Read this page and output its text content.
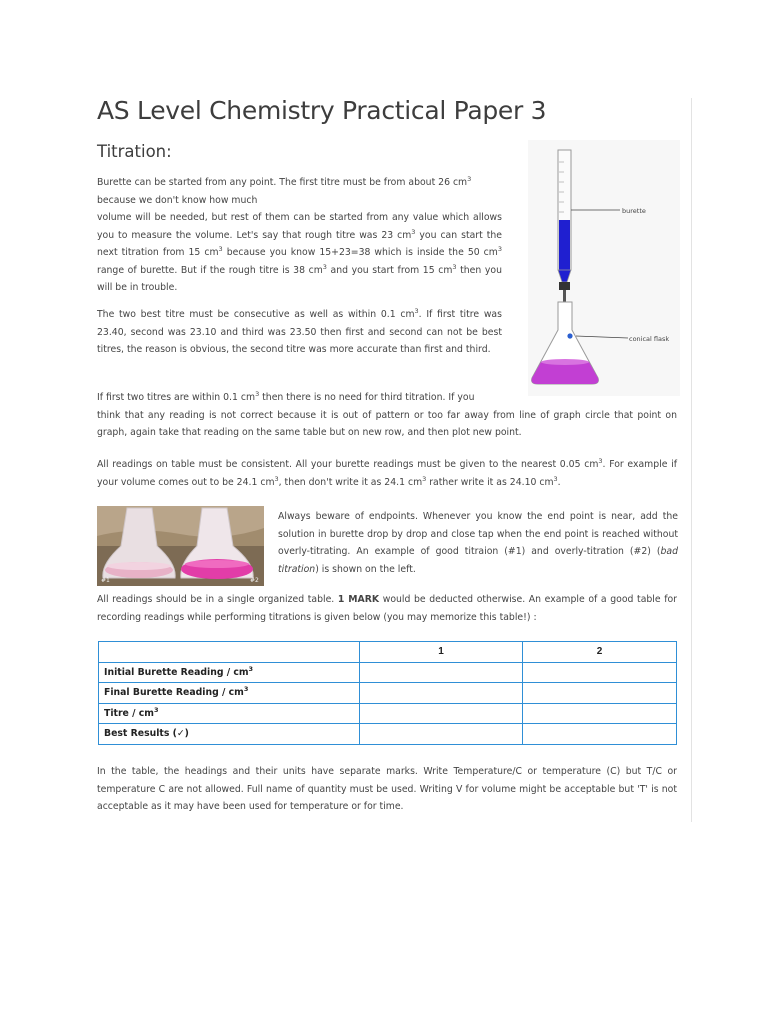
AS Level Chemistry Practical Paper 3
Titration:

Burette can be started from any point. The first titre must be from about 26 $cm^3$
because we don't know how much
volume will be needed, but rest of them can be started from any value which allows you to measure the volume. Let's say that rough titre was 23 $cm^3$ you can start the next titration from 15 $cm^3$ because you know 15+23=38 which is inside the 50 $cm^3$ range of burette. But if the rough titre is 38 $cm^3$ and you start from 15 $cm^3$ then you will be in trouble.

burette
conical flask

The two best titre must be consecutive as well as within 0.1 $cm^3$. If first titre was 23.40, second was 23.10 and third was 23.50 then first and second can not be best titres, the reason is obvious, the second titre was more accurate than first and third.

If first two titres are within 0.1 $cm^3$ then there is no need for third titration. If you
think that any reading is not correct because it is out of pattern or too far away from line of graph circle that point on graph, again take that reading on the same table but on new row, and then plot new point.

All readings on table must be consistent. All your burette readings must be given to the nearest 0.05 $cm^3$. For example if your volume comes out to be 24.1 $cm^3$, then don't write it as 24.1 $cm^3$ rather write it as 24.10 $cm^3$.

#1	#2

Always beware of endpoints. Whenever you know the end point is near, add the solution in burette drop by drop and close tap when the end point is reached without overly-titrating. An example of good titraion (#1) and overly-titration (#2) (bad titration) is shown on the left.

All readings should be in a single organized table. 1 MARK would be deducted otherwise. An example of a good table for recording readings while performing titrations is given below (you may memorize this table!) :

	1	2
Initial Burette Reading / $cm^3$		
Final Burette Reading / $cm^3$		
Titre / $cm^3$		
Best Results (✓)		

In the table, the headings and their units have separate marks. Write Temperature/C or temperature (C) but T/C or temperature C are not allowed. Full name of quantity must be used. Writing V for volume might be acceptable but 'T' is not acceptable as it may have been used for temperature or for time.
